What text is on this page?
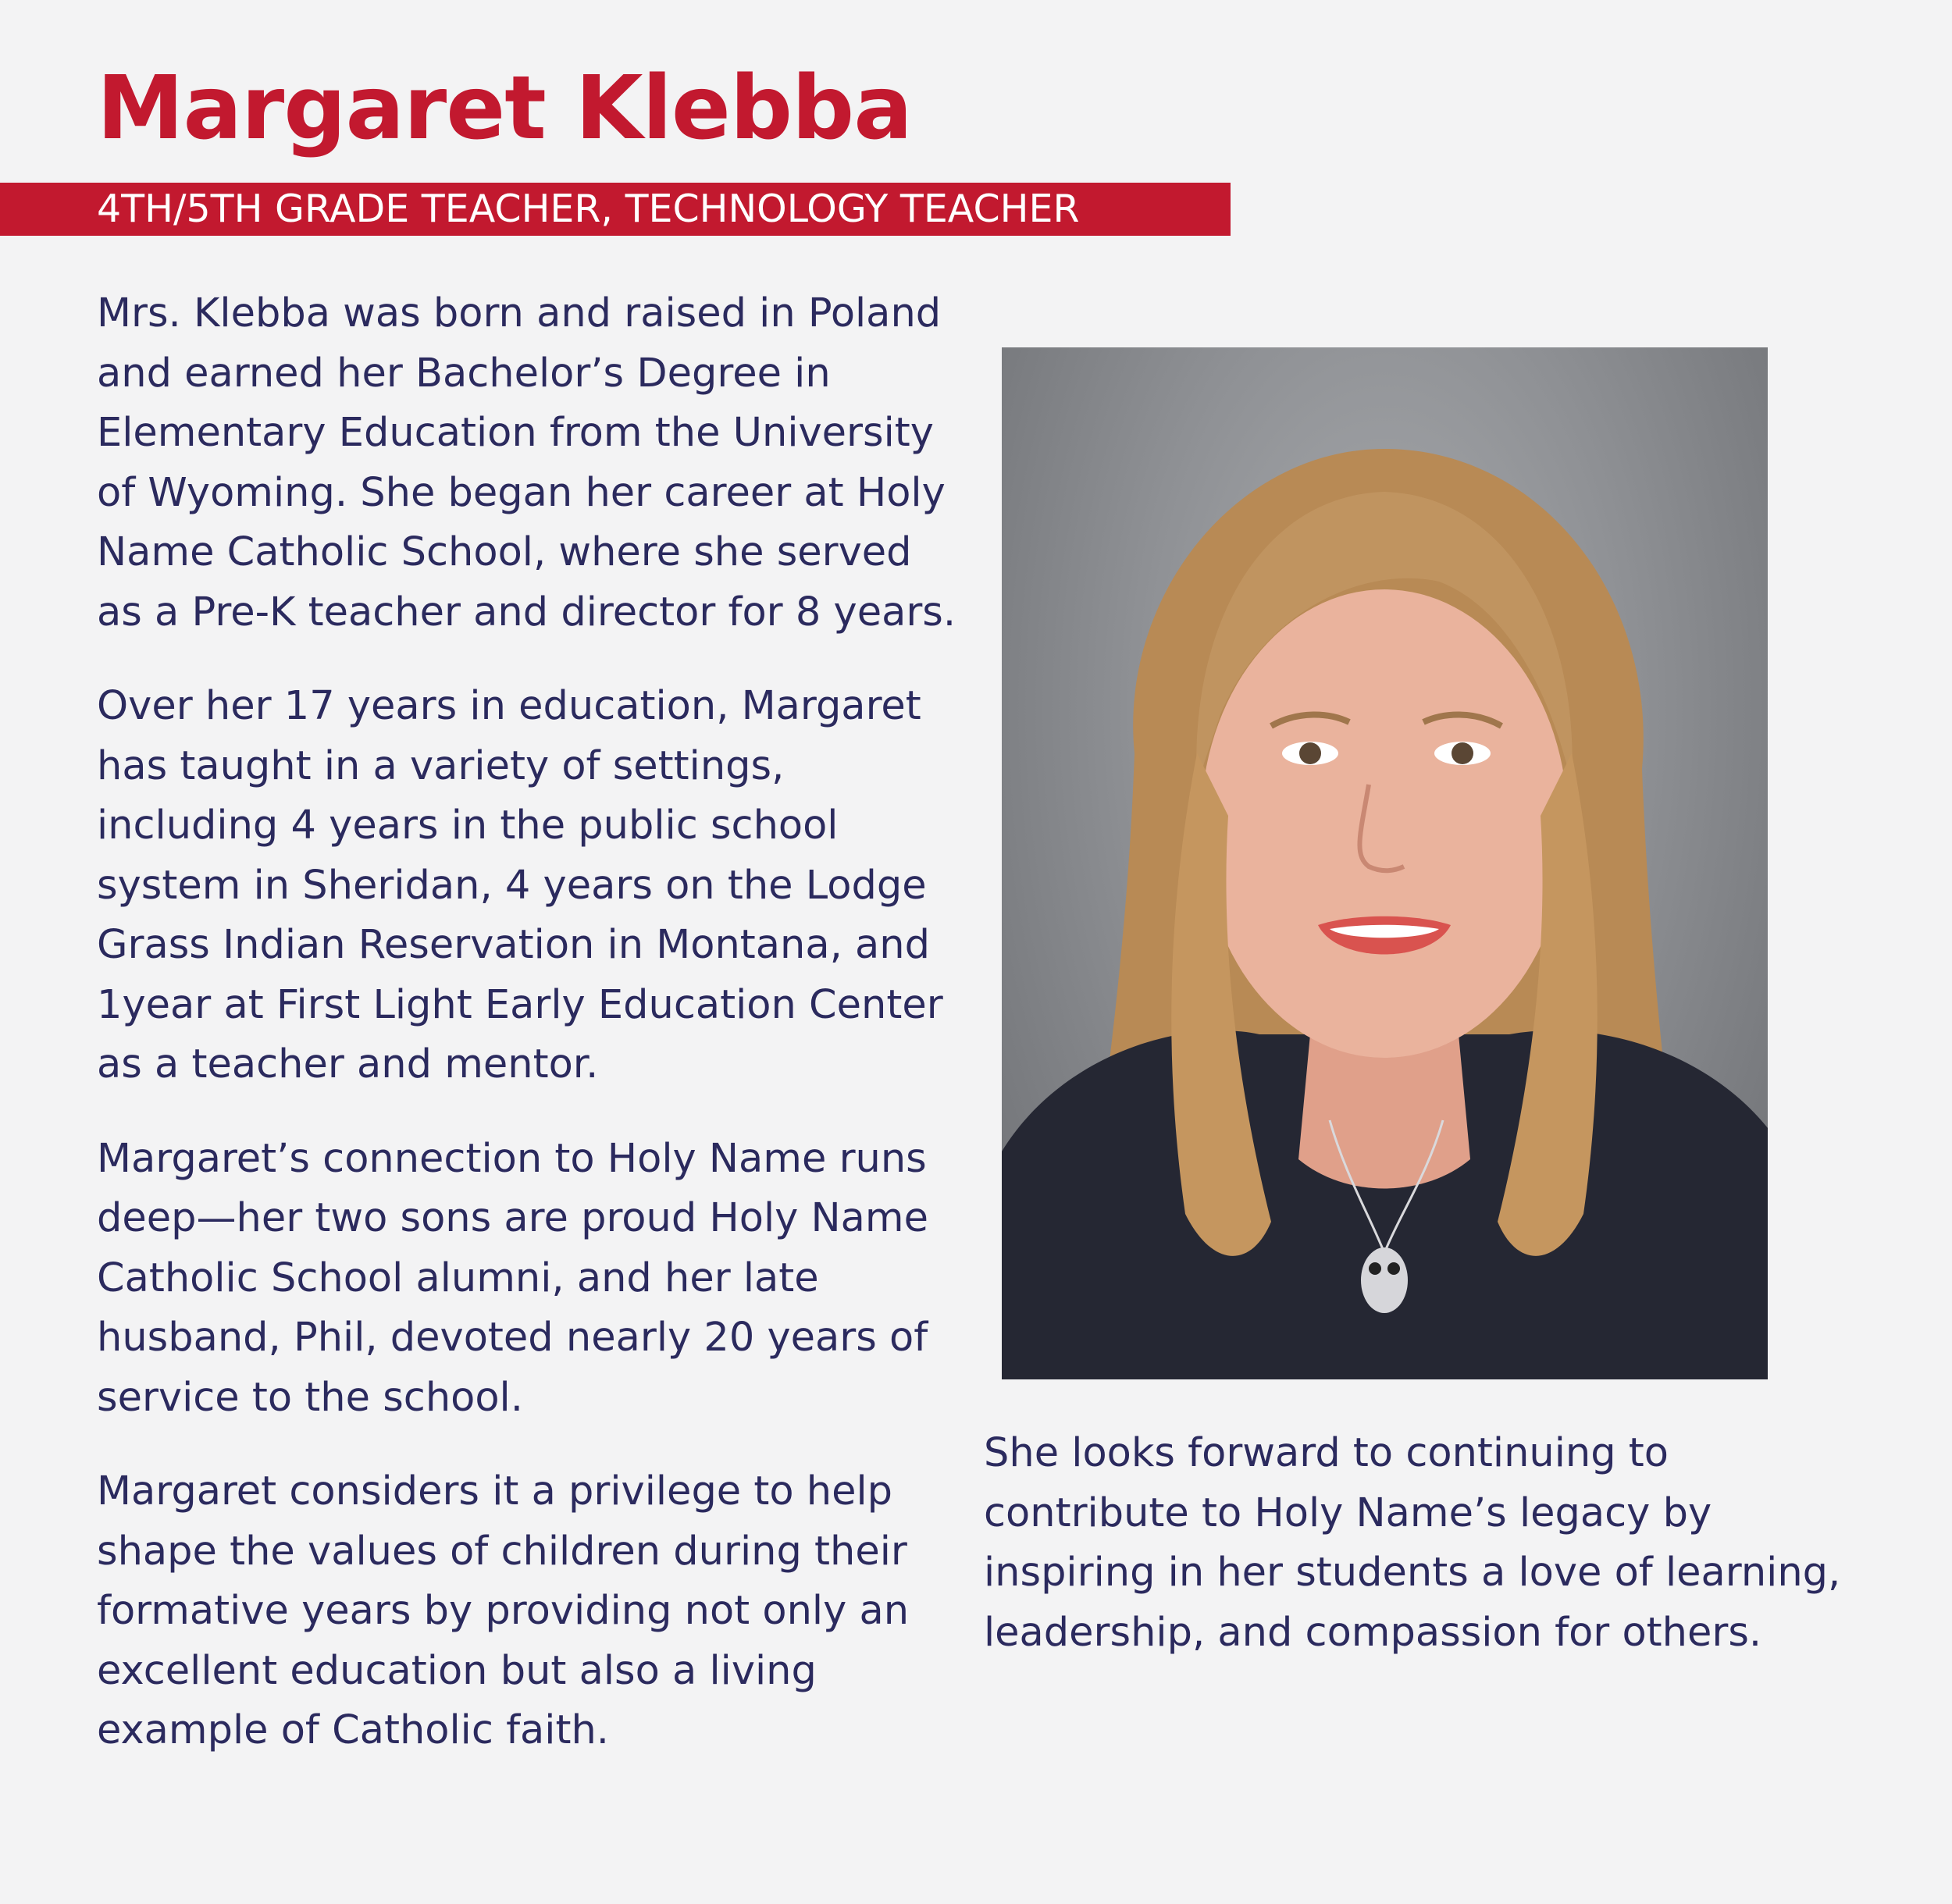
Margaret Klebba
4TH/5TH GRADE TEACHER, TECHNOLOGY TEACHER

Mrs. Klebba was born and raised in Poland and earned her Bachelor’s Degree in Elementary Education from the University of Wyoming. She began her career at Holy Name Catholic School, where she served as a Pre-K teacher and director for 8 years.

Over her 17 years in education, Margaret has taught in a variety of settings, including 4 years in the public school system in Sheridan, 4 years on the Lodge Grass Indian Reservation in Montana, and 1year at First Light Early Education Center as a teacher and mentor.

Margaret’s connection to Holy Name runs deep—her two sons are proud Holy Name Catholic School alumni, and her late husband, Phil, devoted nearly 20 years of service to the school.

Margaret considers it a privilege to help shape the values of children during their formative years by providing not only an excellent education but also a living example of Catholic faith.

She looks forward to continuing to contribute to Holy Name’s legacy by inspiring in her students a love of learning, leadership, and compassion for others.
